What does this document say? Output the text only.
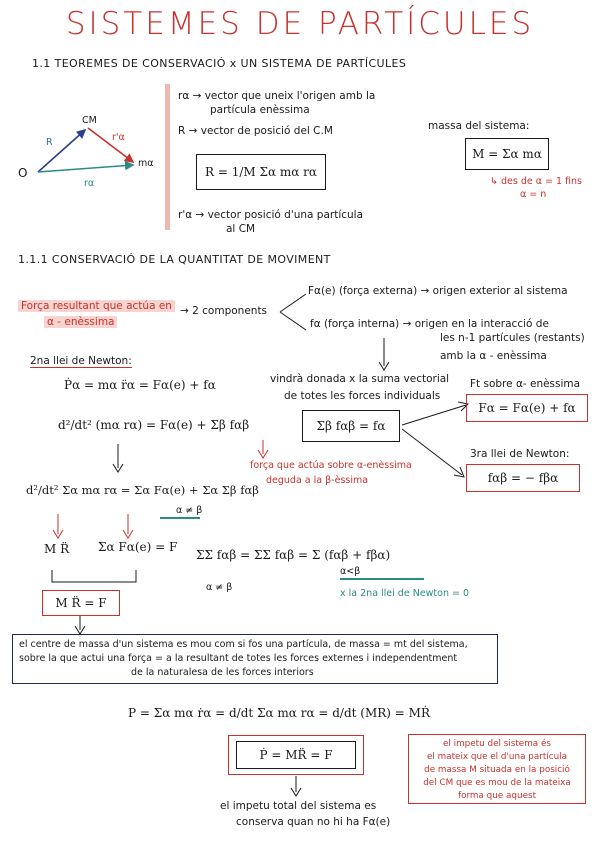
SISTEMES DE PARTÍCULES
1.1 TEOREMES DE CONSERVACIÓ x UN SISTEMA DE PARTÍCULES
CM
O
R	r'α
mα
rα
rα → vector que uneix l'origen amb la
partícula enèssima
R → vector de posició del C.M
R = 1/M Σα mα rα
r'α → vector posició d'una partícula
al CM
massa del sistema:
M = Σα mα
↳ des de α = 1 fins
α = n
1.1.1 CONSERVACIÓ DE LA QUANTITAT DE MOVIMENT
Força resultant que actúa en
α - enèssima
→ 2 components
Fα(e) (força externa) → origen exterior al sistema
fα (força interna) → origen en la interacció de
les n-1 partícules (restants)
amb la α - enèssima
2na llei de Newton:
Ṗα = mα r̈α = Fα(e) + fα
d²/dt² (mα rα) = Fα(e) + Σβ fαβ
d²/dt² Σα mα rα = Σα Fα(e) + Σα Σβ fαβ
α ≠ β
M R̈ Σα Fα(e) = F
M R̈ = F
vindrà donada x la suma vectorial
de totes les forces individuals
Σβ fαβ = fα
força que actúa sobre α-enèssima
deguda a la β-èssima
Ft sobre α- enèssima
Fα = Fα(e) + fα
3ra llei de Newton:
fαβ = − fβα
ΣΣ fαβ = ΣΣ fαβ = Σ (fαβ + fβα)
α ≠ β
α<β
x la 2na llei de Newton = 0
el centre de massa d'un sistema es mou com si fos una partícula, de massa = mt del sistema,
sobre la que actui una força = a la resultant de totes les forces externes i independentment
de la naturalesa de les forces interiors
P = Σα mα ṙα = d/dt Σα mα rα = d/dt (MR) = MṘ
Ṗ = MR̈ = F
el impetu total del sistema es
conserva quan no hi ha Fα(e)
el impetu del sistema és
el mateix que el d'una partícula
de massa M situada en la posició
del CM que es mou de la mateixa
forma que aquest
